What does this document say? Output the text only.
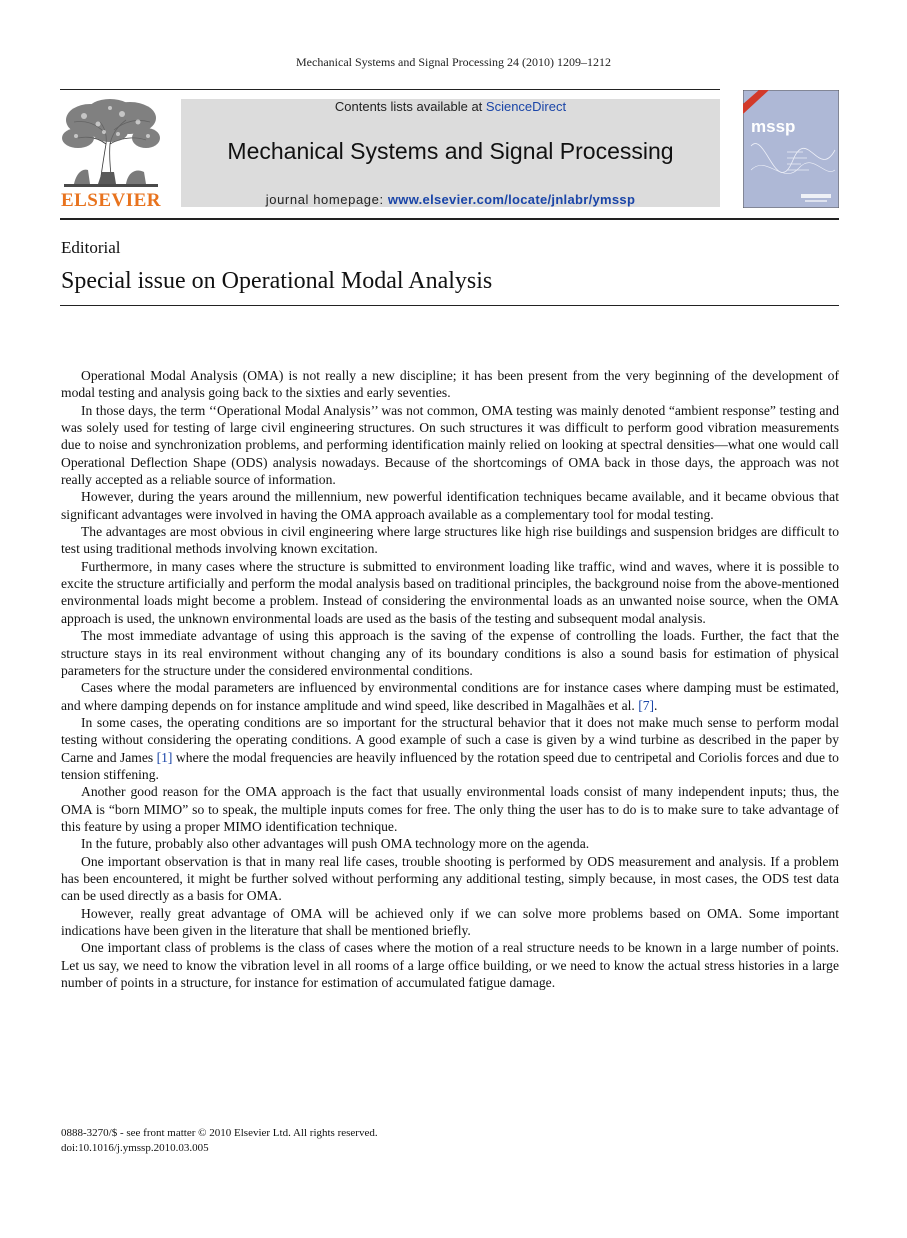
Mechanical Systems and Signal Processing 24 (2010) 1209–1212
ELSEVIER
Contents lists available at ScienceDirect
Mechanical Systems and Signal Processing
journal homepage: www.elsevier.com/locate/jnlabr/ymssp
mssp
Editorial
Special issue on Operational Modal Analysis

Operational Modal Analysis (OMA) is not really a new discipline; it has been present from the very beginning of the development of modal testing and analysis going back to the sixties and early seventies.

In those days, the term ‘‘Operational Modal Analysis’’ was not common, OMA testing was mainly denoted “ambient response” testing and was solely used for testing of large civil engineering structures. On such structures it was difficult to perform good vibration measurements due to noise and synchronization problems, and performing identification mainly relied on looking at spectral densities—what one would call Operational Deflection Shape (ODS) analysis nowadays. Because of the shortcomings of OMA back in those days, the approach was not really accepted as a reliable source of information.

However, during the years around the millennium, new powerful identification techniques became available, and it became obvious that significant advantages were involved in having the OMA approach available as a complementary tool for modal testing.

The advantages are most obvious in civil engineering where large structures like high rise buildings and suspension bridges are difficult to test using traditional methods involving known excitation.

Furthermore, in many cases where the structure is submitted to environment loading like traffic, wind and waves, where it is possible to excite the structure artificially and perform the modal analysis based on traditional principles, the background noise from the above-mentioned environmental loads might become a problem. Instead of considering the environmental loads as an unwanted noise source, when the OMA approach is used, the unknown environmental loads are used as the basis of the testing and subsequent modal analysis.

The most immediate advantage of using this approach is the saving of the expense of controlling the loads. Further, the fact that the structure stays in its real environment without changing any of its boundary conditions is also a sound basis for estimation of physical parameters for the structure under the considered environmental conditions.

Cases where the modal parameters are influenced by environmental conditions are for instance cases where damping must be estimated, and where damping depends on for instance amplitude and wind speed, like described in Magalhães et al. [7].

In some cases, the operating conditions are so important for the structural behavior that it does not make much sense to perform modal testing without considering the operating conditions. A good example of such a case is given by a wind turbine as described in the paper by Carne and James [1] where the modal frequencies are heavily influenced by the rotation speed due to centripetal and Coriolis forces and due to tension stiffening.

Another good reason for the OMA approach is the fact that usually environmental loads consist of many independent inputs; thus, the OMA is “born MIMO” so to speak, the multiple inputs comes for free. The only thing the user has to do is to make sure to take advantage of this feature by using a proper MIMO identification technique.

In the future, probably also other advantages will push OMA technology more on the agenda.

One important observation is that in many real life cases, trouble shooting is performed by ODS measurement and analysis. If a problem has been encountered, it might be further solved without performing any additional testing, simply because, in most cases, the ODS test data can be used directly as a basis for OMA.

However, really great advantage of OMA will be achieved only if we can solve more problems based on OMA. Some important indications have been given in the literature that shall be mentioned briefly.

One important class of problems is the class of cases where the motion of a real structure needs to be known in a large number of points. Let us say, we need to know the vibration level in all rooms of a large office building, or we need to know the actual stress histories in a large number of points in a structure, for instance for estimation of accumulated fatigue damage.

0888-3270/$ - see front matter © 2010 Elsevier Ltd. All rights reserved.
doi:10.1016/j.ymssp.2010.03.005
